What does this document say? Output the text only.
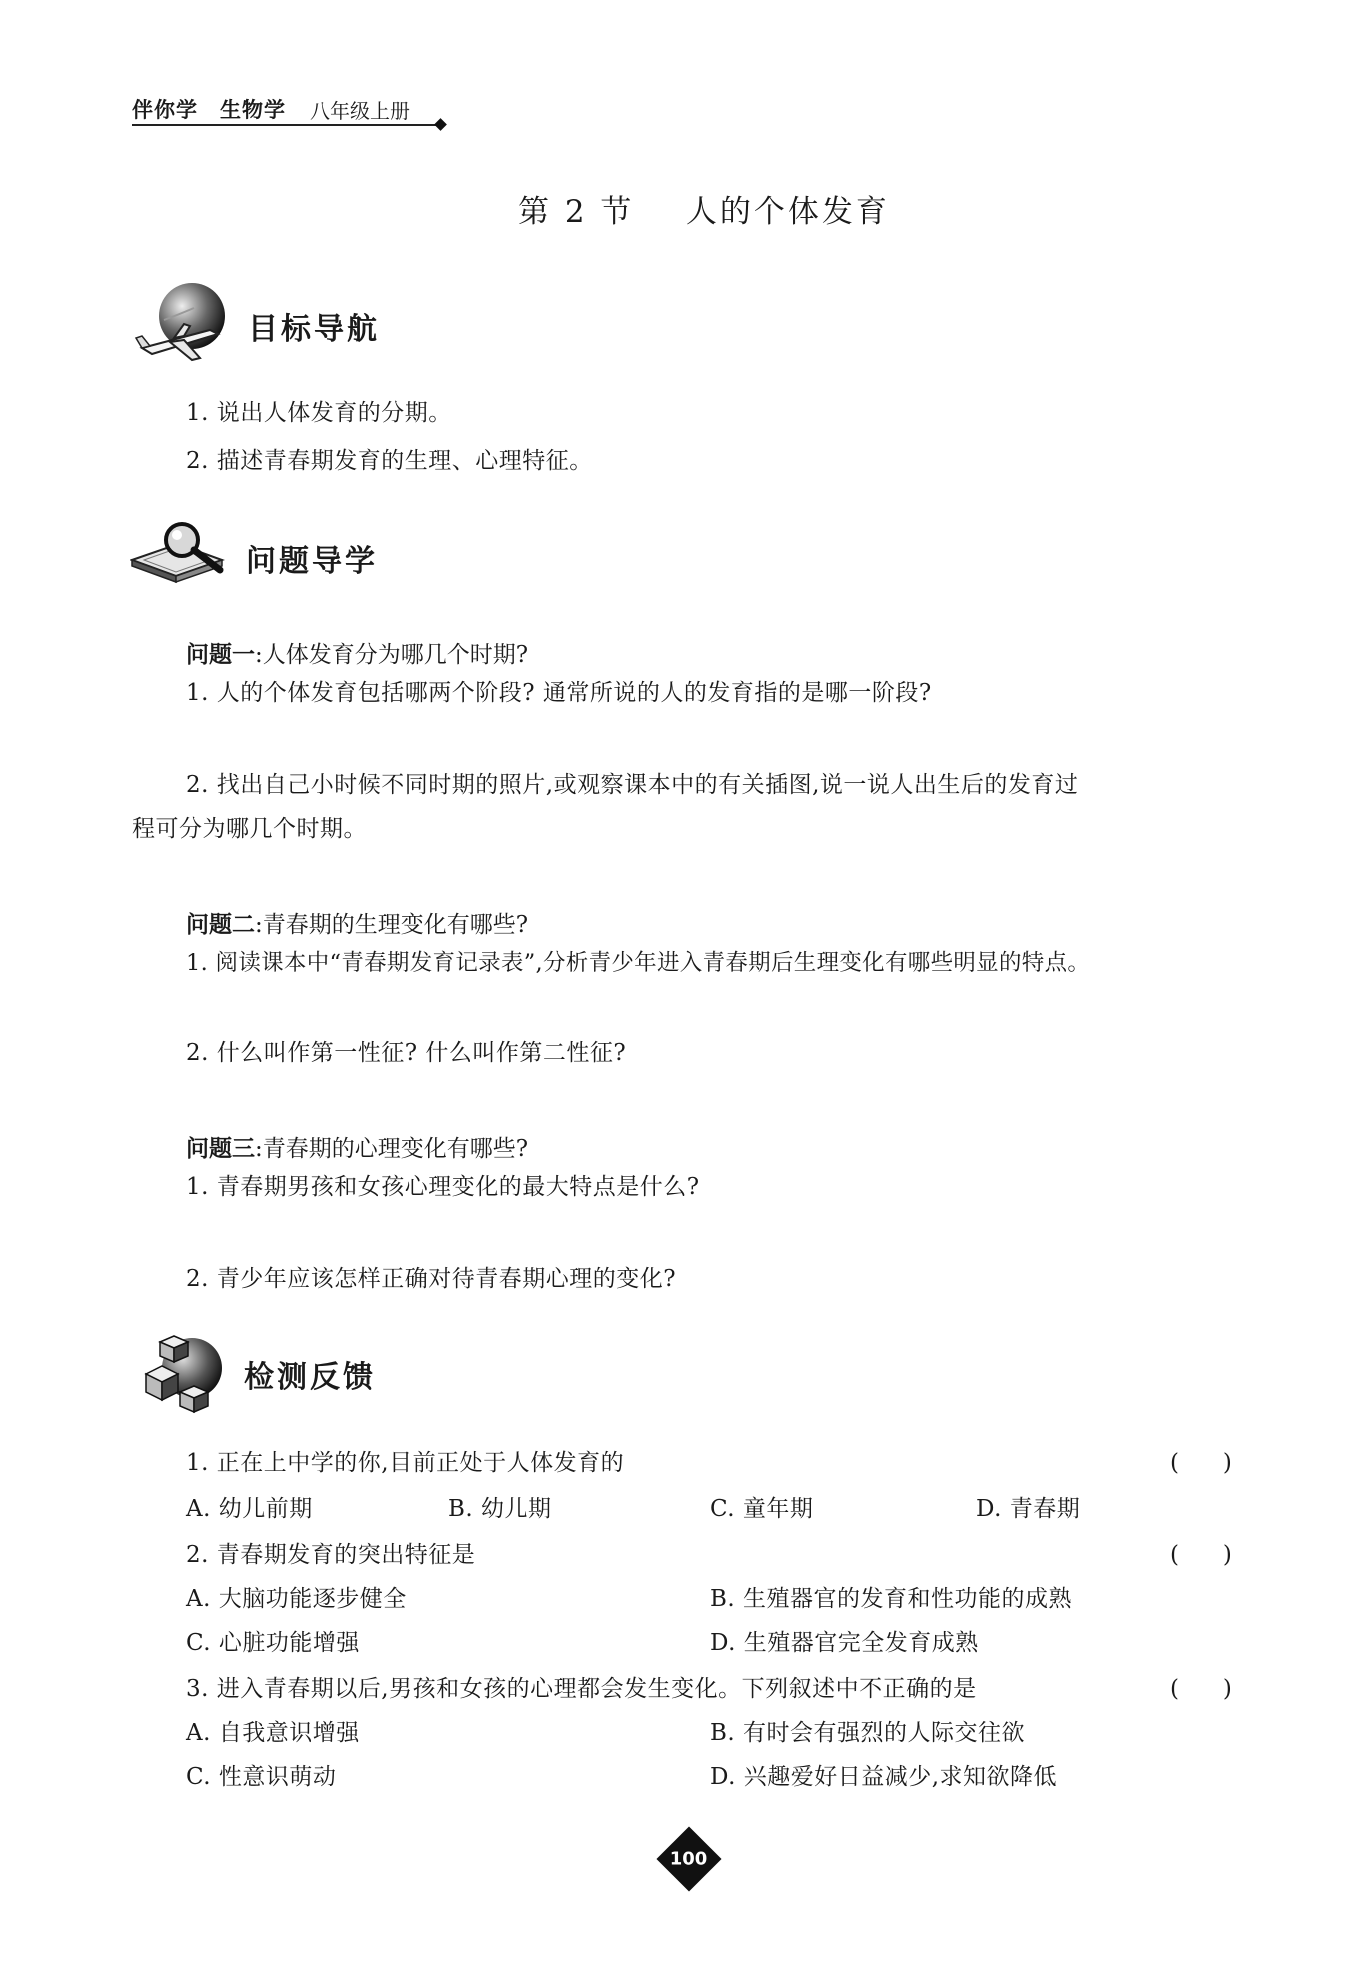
伴你学 生物学 八年级上册
第 2 节    人的个体发育
目标导航
1. 说出人体发育的分期。
2. 描述青春期发育的生理、心理特征。
问题导学
问题一:人体发育分为哪几个时期?
1. 人的个体发育包括哪两个阶段? 通常所说的人的发育指的是哪一阶段?
2. 找出自己小时候不同时期的照片,或观察课本中的有关插图,说一说人出生后的发育过
程可分为哪几个时期。
问题二:青春期的生理变化有哪些?
1. 阅读课本中“青春期发育记录表”,分析青少年进入青春期后生理变化有哪些明显的特点。
2. 什么叫作第一性征? 什么叫作第二性征?
问题三:青春期的心理变化有哪些?
1. 青春期男孩和女孩心理变化的最大特点是什么?
2. 青少年应该怎样正确对待青春期心理的变化?
检测反馈
1. 正在上中学的你,目前正处于人体发育的	(      )
A. 幼儿前期	B. 幼儿期	C. 童年期	D. 青春期
2. 青春期发育的突出特征是	(      )
A. 大脑功能逐步健全	B. 生殖器官的发育和性功能的成熟
C. 心脏功能增强	D. 生殖器官完全发育成熟
3. 进入青春期以后,男孩和女孩的心理都会发生变化。下列叙述中不正确的是	(      )
A. 自我意识增强	B. 有时会有强烈的人际交往欲
C. 性意识萌动	D. 兴趣爱好日益减少,求知欲降低
100
